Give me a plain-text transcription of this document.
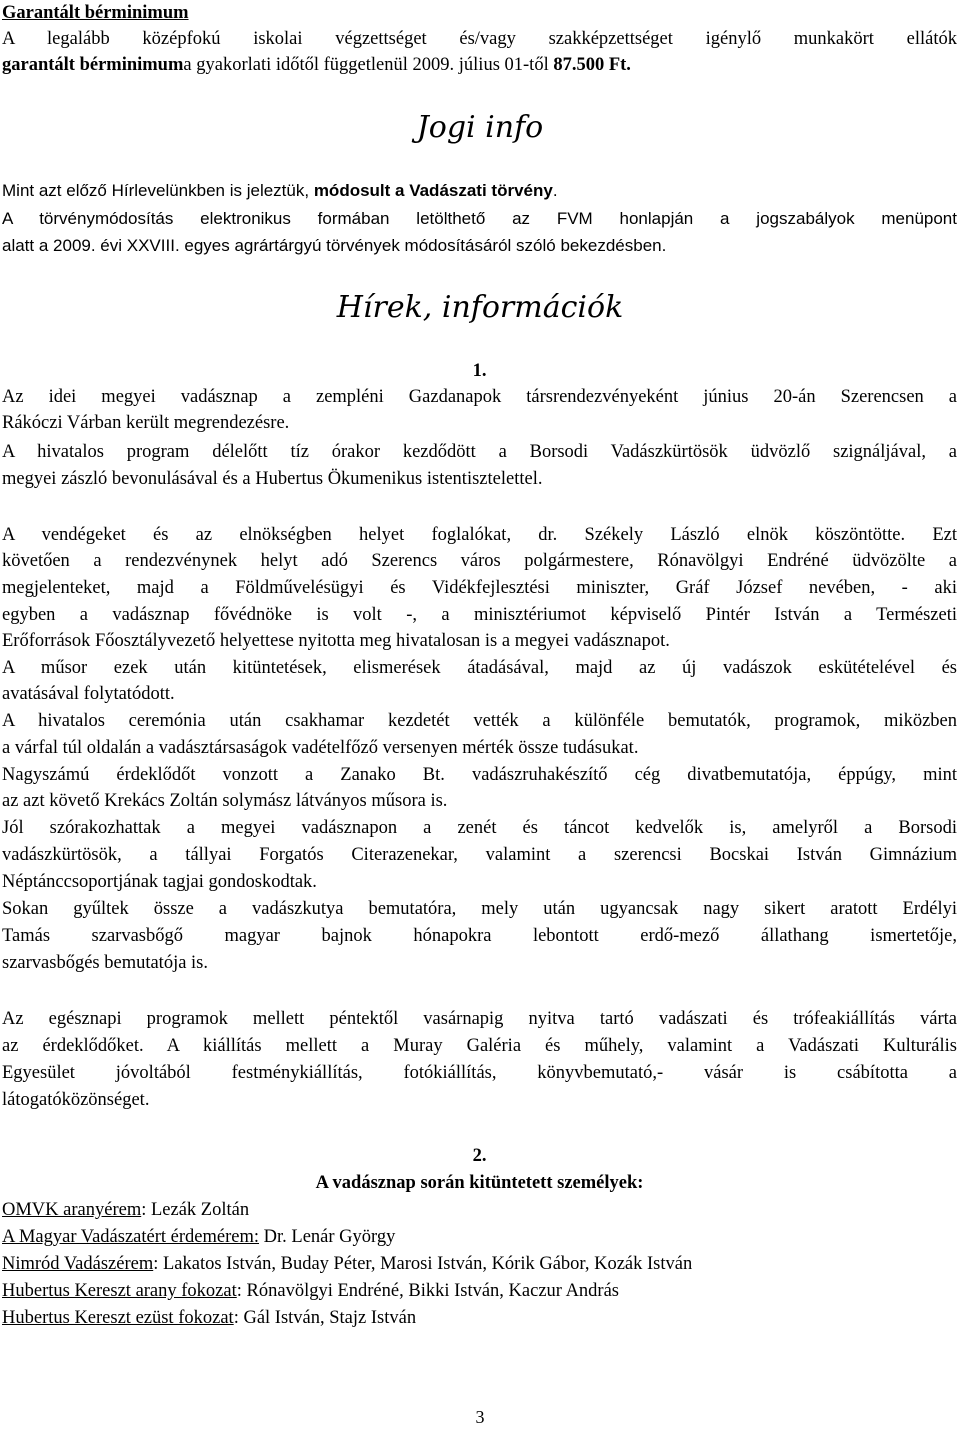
Garantált bérminimum
A legalább középfokú iskolai végzettséget és/vagy szakképzettséget igénylő munkakört ellátók
garantált bérminimuma gyakorlati időtől függetlenül 2009. július 01-től 87.500 Ft.
Jogi info
Mint azt előző Hírlevelünkben is jeleztük, módosult a Vadászati törvény.
A törvénymódosítás elektronikus formában letölthető az FVM honlapján a jogszabályok menüpont
alatt a 2009. évi XXVIII. egyes agrártárgyú törvények módosításáról szóló bekezdésben.
Hírek, információk
1.
Az idei megyei vadásznap a zempléni Gazdanapok társrendezvényeként június 20-án Szerencsen a
Rákóczi Várban került megrendezésre.
A hivatalos program délelőtt tíz órakor kezdődött a Borsodi Vadászkürtösök üdvözlő szignáljával, a
megyei zászló bevonulásával és a Hubertus Ökumenikus istentisztelettel.
A vendégeket és az elnökségben helyet foglalókat, dr. Székely László elnök köszöntötte. Ezt
követően a rendezvénynek helyt adó Szerencs város polgármestere, Rónavölgyi Endréné üdvözölte a
megjelenteket, majd a Földművelésügyi és Vidékfejlesztési miniszter, Gráf József nevében, - aki
egyben a vadásznap fővédnöke is volt -, a minisztériumot képviselő Pintér István a Természeti
Erőforrások Főosztályvezető helyettese nyitotta meg hivatalosan is a megyei vadásznapot.
A műsor ezek után kitüntetések, elismerések átadásával, majd az új vadászok eskütételével és
avatásával folytatódott.
A hivatalos ceremónia után csakhamar kezdetét vették a különféle bemutatók, programok, miközben
a várfal túl oldalán a vadásztársaságok vadételfőző versenyen mérték össze tudásukat.
Nagyszámú érdeklődőt vonzott a Zanako Bt. vadászruhakészítő cég divatbemutatója, éppúgy, mint
az azt követő Krekács Zoltán solymász látványos műsora is.
Jól szórakozhattak a megyei vadásznapon a zenét és táncot kedvelők is, amelyről a Borsodi
vadászkürtösök, a tállyai Forgatós Citerazenekar, valamint a szerencsi Bocskai István Gimnázium
Néptánccsoportjának tagjai gondoskodtak.
Sokan gyűltek össze a vadászkutya bemutatóra, mely után ugyancsak nagy sikert aratott Erdélyi
Tamás szarvasbőgő magyar bajnok hónapokra lebontott erdő-mező állathang ismertetője,
szarvasbőgés bemutatója is.
Az egésznapi programok mellett péntektől vasárnapig nyitva tartó vadászati és trófeakiállítás várta
az érdeklődőket. A kiállítás mellett a Muray Galéria és műhely, valamint a Vadászati Kulturális
Egyesület jóvoltából festménykiállítás, fotókiállítás, könyvbemutató,- vásár is csábította a
látogatóközönséget.
2.
A vadásznap során kitüntetett személyek:
OMVK aranyérem: Lezák Zoltán
A Magyar Vadászatért érdemérem: Dr. Lenár György
Nimród Vadászérem: Lakatos István, Buday Péter, Marosi István, Kórik Gábor, Kozák István
Hubertus Kereszt arany fokozat: Rónavölgyi Endréné, Bikki István, Kaczur András
Hubertus Kereszt ezüst fokozat: Gál István, Stajz István
3
